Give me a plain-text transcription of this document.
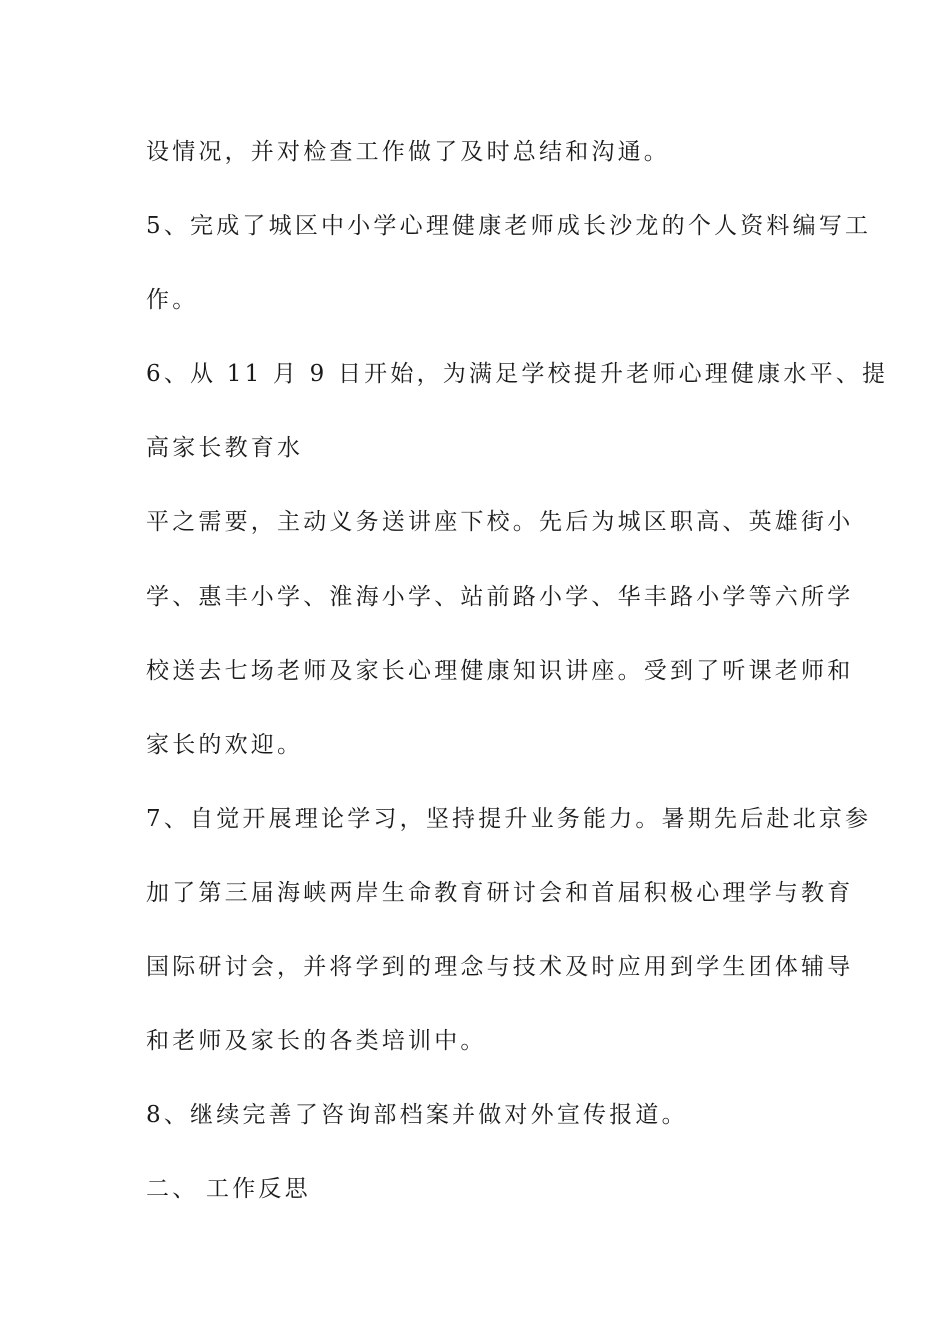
设情况，并对检查工作做了及时总结和沟通。
5、完成了城区中小学心理健康老师成长沙龙的个人资料编写工
作。
6、从 11 月 9 日开始，为满足学校提升老师心理健康水平、提
高家长教育水
平之需要，主动义务送讲座下校。先后为城区职高、英雄街小
学、惠丰小学、淮海小学、站前路小学、华丰路小学等六所学
校送去七场老师及家长心理健康知识讲座。受到了听课老师和
家长的欢迎。
7、自觉开展理论学习，坚持提升业务能力。暑期先后赴北京参
加了第三届海峡两岸生命教育研讨会和首届积极心理学与教育
国际研讨会，并将学到的理念与技术及时应用到学生团体辅导
和老师及家长的各类培训中。
8、继续完善了咨询部档案并做对外宣传报道。
二、 工作反思
